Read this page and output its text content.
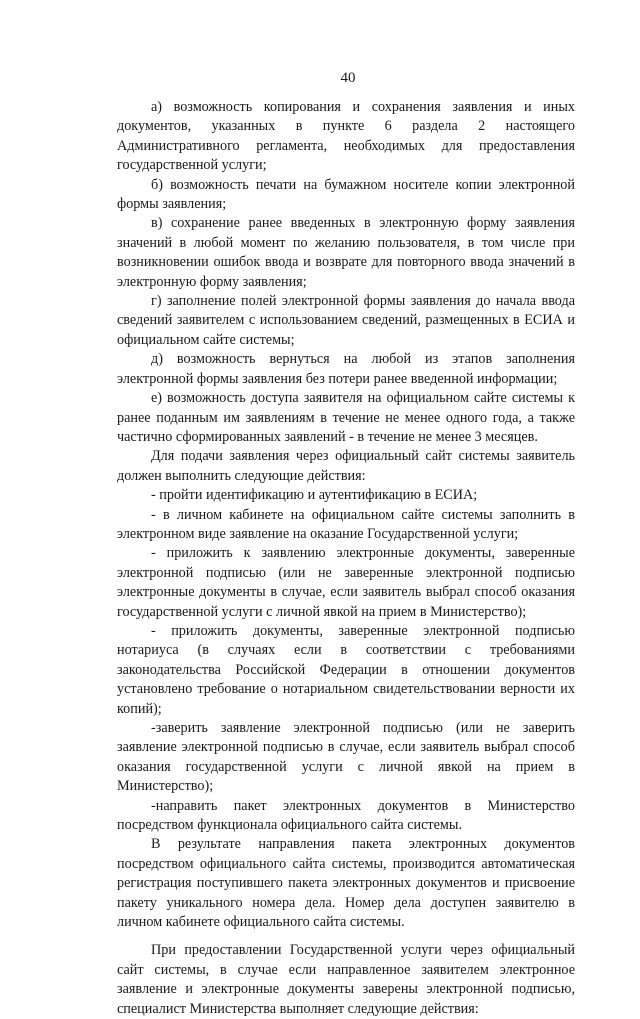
40

а) возможность копирования и сохранения заявления и иных документов, указанных в пункте 6 раздела 2 настоящего Административного регламента, необходимых для предоставления государственной услуги;

б) возможность печати на бумажном носителе копии электронной формы заявления;

в) сохранение ранее введенных в электронную форму заявления значений в любой момент по желанию пользователя, в том числе при возникновении ошибок ввода и возврате для повторного ввода значений в электронную форму заявления;

г) заполнение полей электронной формы заявления до начала ввода сведений заявителем с использованием сведений, размещенных в ЕСИА и официальном сайте системы;

д) возможность вернуться на любой из этапов заполнения электронной формы заявления без потери ранее введенной информации;

е) возможность доступа заявителя на официальном сайте системы к ранее поданным им заявлениям в течение не менее одного года, а также частично сформированных заявлений - в течение не менее 3 месяцев.

Для подачи заявления через официальный сайт системы заявитель должен выполнить следующие действия:

- пройти идентификацию и аутентификацию в ЕСИА;

- в личном кабинете на официальном сайте системы заполнить в электронном виде заявление на оказание Государственной услуги;

- приложить к заявлению электронные документы, заверенные электронной подписью (или не заверенные электронной подписью электронные документы в случае, если заявитель выбрал способ оказания государственной услуги с личной явкой на прием в Министерство);

- приложить документы, заверенные электронной подписью нотариуса (в случаях если в соответствии с требованиями законодательства Российской Федерации в отношении документов установлено требование о нотариальном свидетельствовании верности их копий);

-заверить заявление электронной подписью (или не заверить заявление электронной подписью в случае, если заявитель выбрал способ оказания государственной услуги с личной явкой на прием в Министерство);

-направить пакет электронных документов в Министерство посредством функционала официального сайта системы.

В результате направления пакета электронных документов посредством официального сайта системы, производится автоматическая регистрация поступившего пакета электронных документов и присвоение пакету уникального номера дела. Номер дела доступен заявителю в личном кабинете официального сайта системы.

При предоставлении Государственной услуги через официальный сайт системы, в случае если направленное заявителем электронное заявление и электронные документы заверены электронной подписью, специалист Министерства выполняет следующие действия:
